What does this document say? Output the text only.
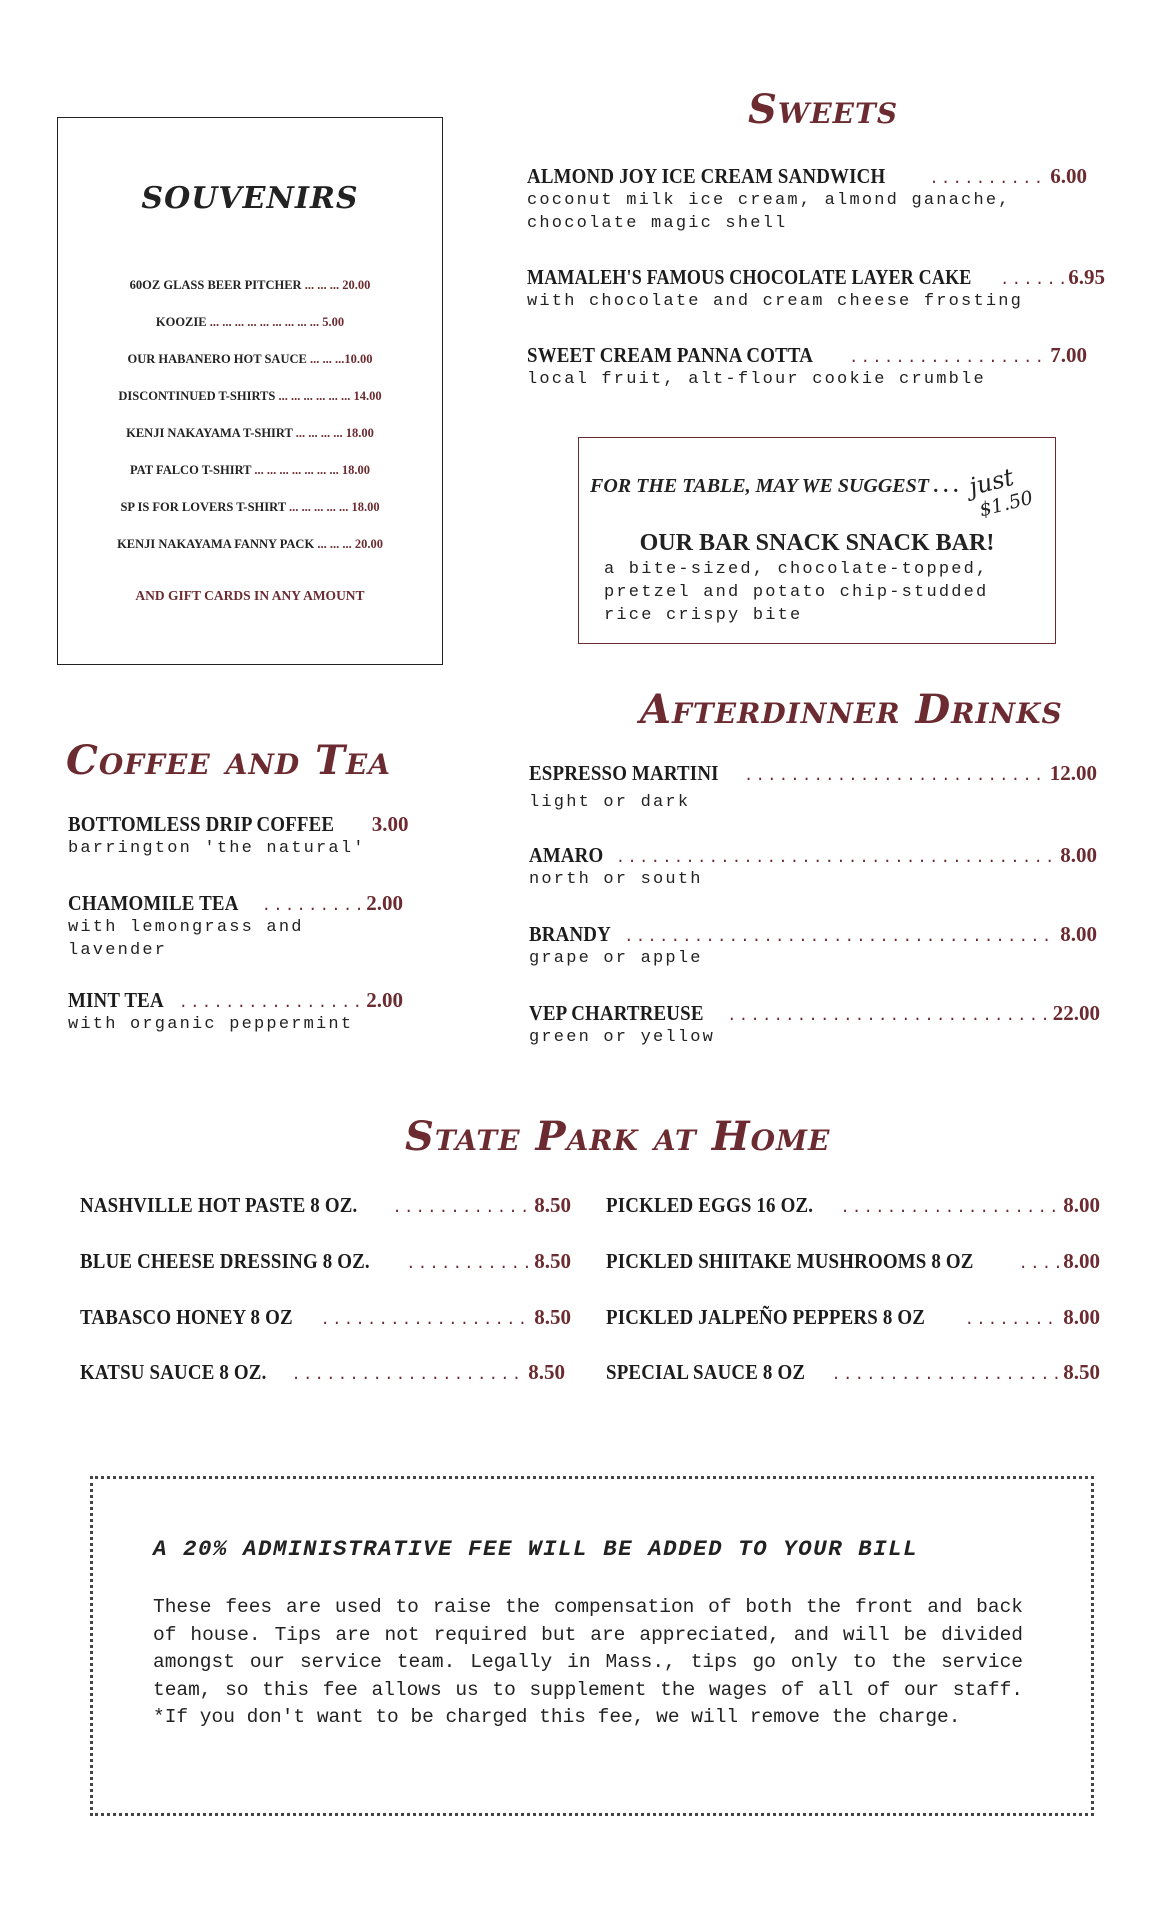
SOUVENIRS
60OZ GLASS BEER PITCHER ... ... ... 20.00
KOOZIE ... ... ... ... ... ... ... ... ... 5.00
OUR HABANERO HOT SAUCE ... ... ...10.00
DISCONTINUED T-SHIRTS ... ... ... ... ... ... 14.00
KENJI NAKAYAMA T-SHIRT ... ... ... ... 18.00
PAT FALCO T-SHIRT ... ... ... ... ... ... ... 18.00
SP IS FOR LOVERS T-SHIRT ... ... ... ... ... 18.00
KENJI NAKAYAMA FANNY PACK ... ... ... 20.00
AND GIFT CARDS IN ANY AMOUNT
Sweets
ALMOND JOY ICE CREAM SANDWICH .....	6.00
coconut milk ice cream, almond ganache,
chocolate magic shell
MAMALEH'S FAMOUS CHOCOLATE LAYER CAKE .....	6.95
with chocolate and cream cheese frosting
SWEET CREAM PANNA COTTA .....	7.00
local fruit, alt-flour cookie crumble
FOR THE TABLE, MAY WE SUGGEST . . . just
$1.50
OUR BAR SNACK SNACK BAR!
a bite-sized, chocolate-topped,
pretzel and potato chip-studded
rice crispy bite
Coffee and Tea
BOTTOMLESS DRIP COFFEE 3.00
barrington 'the natural'
CHAMOMILE TEA .....	2.00
with lemongrass and
lavender
MINT TEA .....	2.00
with organic peppermint
Afterdinner Drinks
ESPRESSO MARTINI .....	12.00
light or dark
AMARO .....	8.00
north or south
BRANDY .....	8.00
grape or apple
VEP CHARTREUSE .....	22.00
green or yellow
State Park at Home
NASHVILLE HOT PASTE 8 OZ. .....	8.50
BLUE CHEESE DRESSING 8 OZ. .....	8.50
TABASCO HONEY 8 OZ .....	8.50
KATSU SAUCE 8 OZ. .....	8.50
PICKLED EGGS 16 OZ. .....	8.00
PICKLED SHIITAKE MUSHROOMS 8 OZ .....	8.00
PICKLED JALPEÑO PEPPERS 8 OZ .....	8.00
SPECIAL SAUCE 8 OZ .....	8.50
A 20% ADMINISTRATIVE FEE WILL BE ADDED TO YOUR BILL

These fees are used to raise the compensation of both the front and back of house. Tips are not required but are appreciated, and will be divided amongst our service team. Legally in Mass., tips go only to the service team, so this fee allows us to supplement the wages of all of our staff.

*If you don't want to be charged this fee, we will remove the charge.
